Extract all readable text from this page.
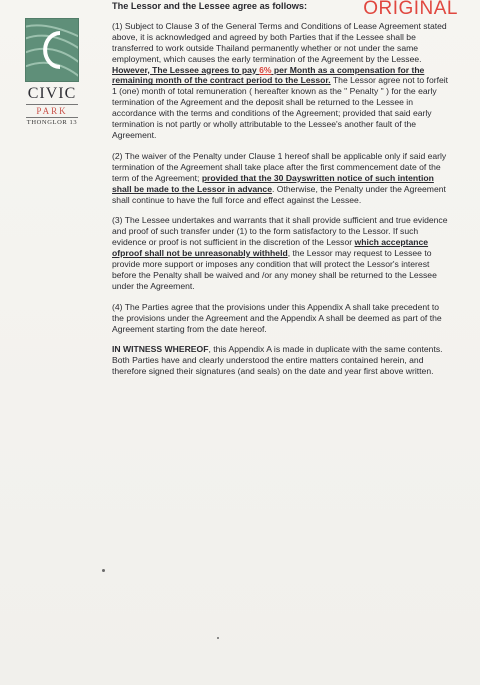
ORIGINAL
CIVIC
PARK
THONGLOR 13
The Lessor and the Lessee agree as follows:

(1) Subject to Clause 3 of the General Terms and Conditions of Lease Agreement stated above, it is acknowledged and agreed by both Parties that if the Lessee shall be transferred to work outside Thailand permanently whether or not under the same employment, which causes the early termination of the Agreement by the Lessee. However, The Lessee agrees to pay 6% per Month as a compensation for the remaining month of the contract period to the Lessor. The Lessor agree not to forfeit 1 (one) month of total remuneration ( hereafter known as the " Penalty " ) for the early termination of the Agreement and the deposit shall be returned to the Lessee in accordance with the terms and conditions of the Agreement; provided that said early termination is not partly or wholly attributable to the Lessee's another fault of the Agreement.

(2) The waiver of the Penalty under Clause 1 hereof shall be applicable only if said early termination of the Agreement shall take place after the first commencement date of the term of the Agreement; provided that the 30 Dayswritten notice of such intention shall be made to the Lessor in advance. Otherwise, the Penalty under the Agreement shall continue to have the full force and effect against the Lessee.

(3) The Lessee undertakes and warrants that it shall provide sufficient and true evidence and proof of such transfer under (1) to the form satisfactory to the Lessor. If such evidence or proof is not sufficient in the discretion of the Lessor which acceptance ofproof shall not be unreasonably withheld, the Lessor may request to Lessee to provide more support or imposes any condition that will protect the Lessor's interest before the Penalty shall be waived and /or any money shall be returned to the Lessee under the Agreement.

(4) The Parties agree that the provisions under this Appendix A shall take precedent to the provisions under the Agreement and the Appendix A shall be deemed as part of the Agreement starting from the date hereof.

IN WITNESS WHEREOF, this Appendix A is made in duplicate with the same contents. Both Parties have and clearly understood the entire matters contained herein, and therefore signed their signatures (and seals) on the date and year first above written.
